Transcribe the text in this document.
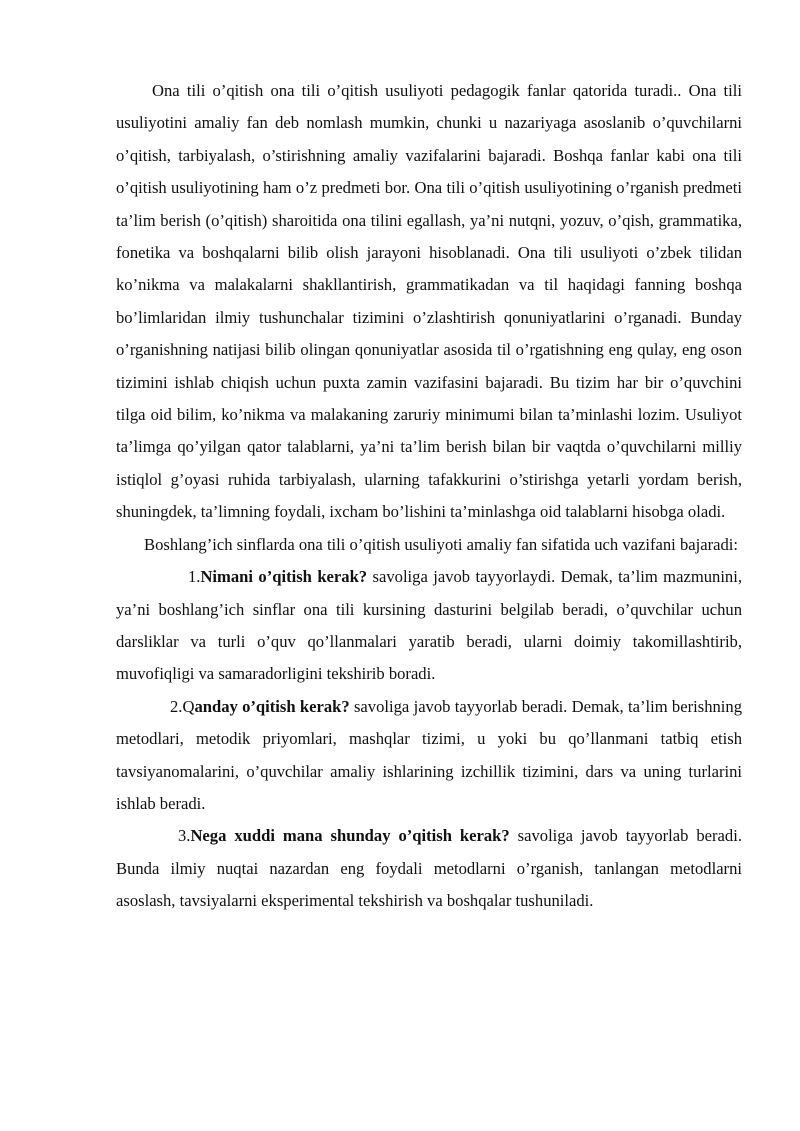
Ona tili o’qitish ona tili o’qitish usuliyoti pedagogik fanlar qatorida turadi.. Ona tili usuliyotini amaliy fan deb nomlash mumkin, chunki u nazariyaga asoslanib o’quvchilarni o’qitish, tarbiyalash, o’stirishning amaliy vazifalarini bajaradi. Boshqa fanlar kabi ona tili o’qitish usuliyotining ham o’z predmeti bor. Ona tili o’qitish usuliyotining o’rganish predmeti ta’lim berish (o’qitish) sharoitida ona tilini egallash, ya’ni nutqni, yozuv, o’qish, grammatika, fonetika va boshqalarni bilib olish jarayoni hisoblanadi. Ona tili usuliyoti o’zbek tilidan ko’nikma va malakalarni shakllantirish, grammatikadan va til haqidagi fanning boshqa bo’limlaridan ilmiy tushunchalar tizimini o’zlashtirish qonuniyatlarini o’rganadi. Bunday o’rganishning natijasi bilib olingan qonuniyatlar asosida til o’rgatishning eng qulay, eng oson tizimini ishlab chiqish uchun puxta zamin vazifasini bajaradi. Bu tizim har bir o’quvchini tilga oid bilim, ko’nikma va malakaning zaruriy minimumi bilan ta’minlashi lozim. Usuliyot ta’limga qo’yilgan qator talablarni, ya’ni ta’lim berish bilan bir vaqtda o’quvchilarni milliy istiqlol g’oyasi ruhida tarbiyalash, ularning tafakkurini o’stirishga yetarli yordam berish, shuningdek, ta’limning foydali, ixcham bo’lishini ta’minlashga oid talablarni hisobga oladi.

Boshlang’ich sinflarda ona tili o’qitish usuliyoti amaliy fan sifatida uch vazifani bajaradi:

1.Nimani o’qitish kerak? savoliga javob tayyorlaydi. Demak, ta’lim mazmunini, ya’ni boshlang’ich sinflar ona tili kursining dasturini belgilab beradi, o’quvchilar uchun darsliklar va turli o’quv qo’llanmalari yaratib beradi, ularni doimiy takomillashtirib, muvofiqligi va samaradorligini tekshirib boradi.

2.Qanday o’qitish kerak? savoliga javob tayyorlab beradi. Demak, ta’lim berishning metodlari, metodik priyomlari, mashqlar tizimi, u yoki bu qo’llanmani tatbiq etish tavsiyanomalarini, o’quvchilar amaliy ishlarining izchillik tizimini, dars va uning turlarini ishlab beradi.

3.Nega xuddi mana shunday o’qitish kerak? savoliga javob tayyorlab beradi. Bunda ilmiy nuqtai nazardan eng foydali metodlarni o’rganish, tanlangan metodlarni asoslash, tavsiyalarni eksperimental tekshirish va boshqalar tushuniladi.
